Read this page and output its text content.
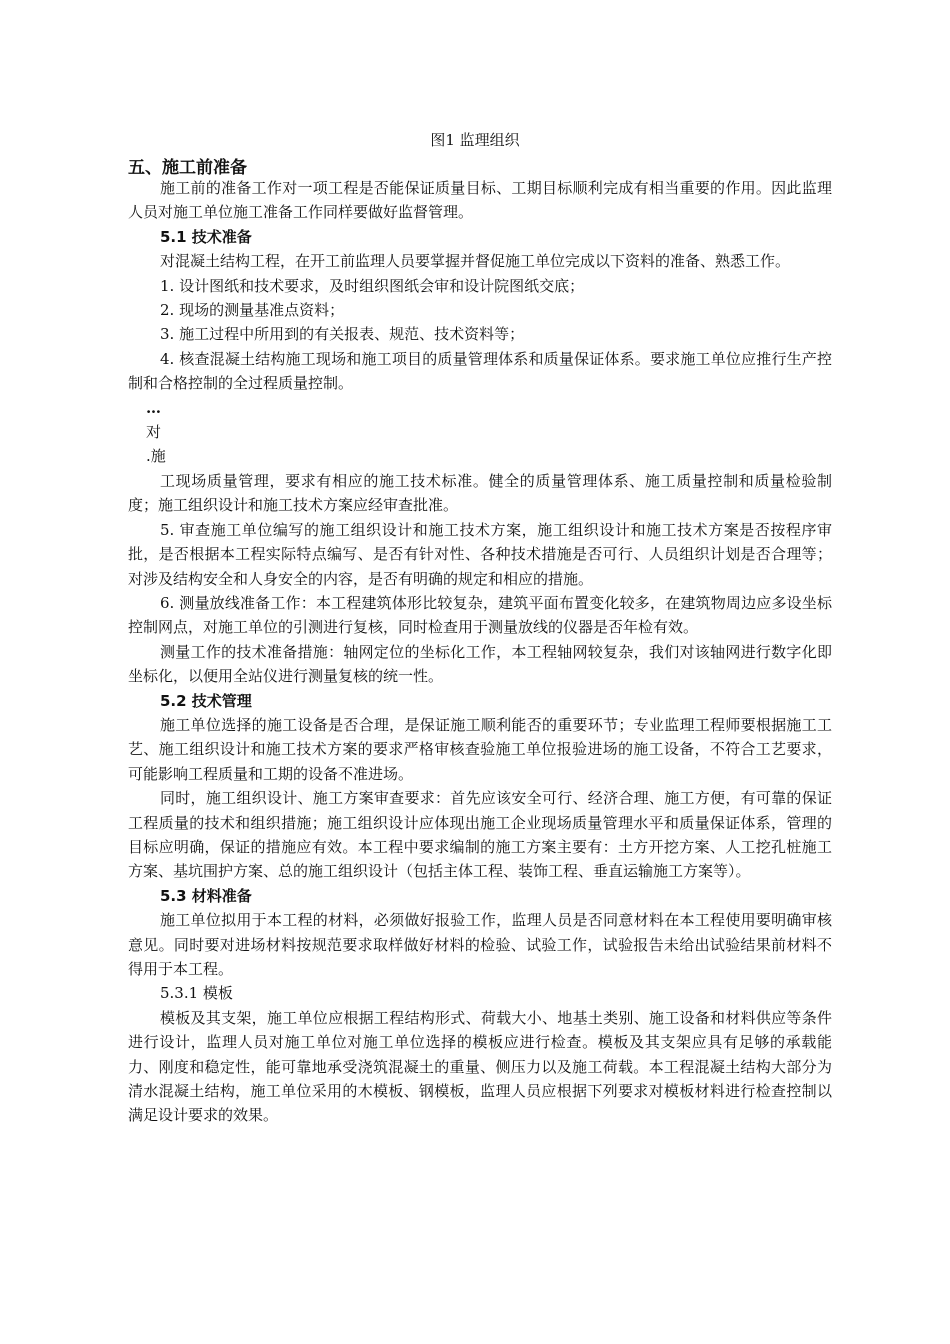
图1 监理组织
五、施工前准备

施工前的准备工作对一项工程是否能保证质量目标、工期目标顺利完成有相当重要的作用。因此监理人员对施工单位施工准备工作同样要做好监督管理。

5.1 技术准备

对混凝土结构工程，在开工前监理人员要掌握并督促施工单位完成以下资料的准备、熟悉工作。

1. 设计图纸和技术要求，及时组织图纸会审和设计院图纸交底；

2. 现场的测量基准点资料；

3. 施工过程中所用到的有关报表、规范、技术资料等；

4. 核查混凝土结构施工现场和施工项目的质量管理体系和质量保证体系。要求施工单位应推行生产控制和合格控制的全过程质量控制。

…

对

.施

工现场质量管理，要求有相应的施工技术标准。健全的质量管理体系、施工质量控制和质量检验制度；施工组织设计和施工技术方案应经审查批准。

5. 审查施工单位编写的施工组织设计和施工技术方案，施工组织设计和施工技术方案是否按程序审批，是否根据本工程实际特点编写、是否有针对性、各种技术措施是否可行、人员组织计划是否合理等；对涉及结构安全和人身安全的内容，是否有明确的规定和相应的措施。

6. 测量放线准备工作：本工程建筑体形比较复杂，建筑平面布置变化较多，在建筑物周边应多设坐标控制网点，对施工单位的引测进行复核，同时检查用于测量放线的仪器是否年检有效。

测量工作的技术准备措施：轴网定位的坐标化工作，本工程轴网较复杂，我们对该轴网进行数字化即坐标化，以便用全站仪进行测量复核的统一性。

5.2 技术管理

施工单位选择的施工设备是否合理，是保证施工顺利能否的重要环节；专业监理工程师要根据施工工艺、施工组织设计和施工技术方案的要求严格审核查验施工单位报验进场的施工设备，不符合工艺要求，可能影响工程质量和工期的设备不准进场。

同时，施工组织设计、施工方案审查要求：首先应该安全可行、经济合理、施工方便，有可靠的保证工程质量的技术和组织措施；施工组织设计应体现出施工企业现场质量管理水平和质量保证体系，管理的目标应明确，保证的措施应有效。本工程中要求编制的施工方案主要有：土方开挖方案、人工挖孔桩施工方案、基坑围护方案、总的施工组织设计（包括主体工程、装饰工程、垂直运输施工方案等）。

5.3 材料准备

施工单位拟用于本工程的材料，必须做好报验工作，监理人员是否同意材料在本工程使用要明确审核意见。同时要对进场材料按规范要求取样做好材料的检验、试验工作，试验报告未给出试验结果前材料不得用于本工程。

5.3.1 模板

模板及其支架，施工单位应根据工程结构形式、荷载大小、地基土类别、施工设备和材料供应等条件进行设计，监理人员对施工单位对施工单位选择的模板应进行检查。模板及其支架应具有足够的承载能力、刚度和稳定性，能可靠地承受浇筑混凝土的重量、侧压力以及施工荷载。本工程混凝土结构大部分为清水混凝土结构，施工单位采用的木模板、钢模板，监理人员应根据下列要求对模板材料进行检查控制以满足设计要求的效果。
